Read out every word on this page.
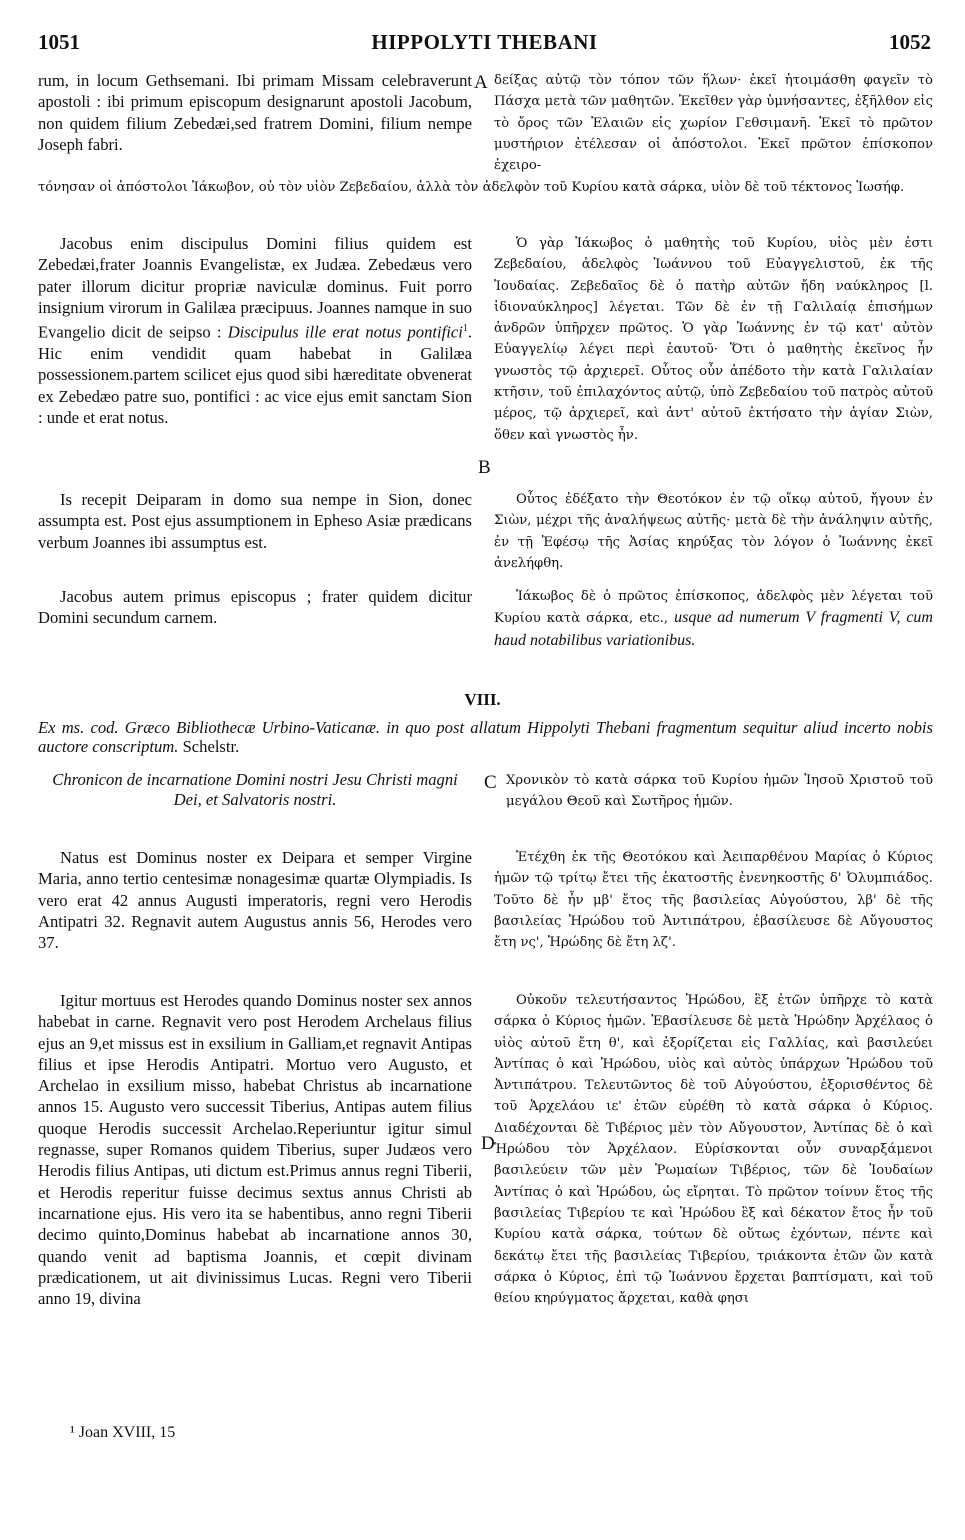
1051	HIPPOLYTI THEBANI	1052

rum, in locum Gethsemani. Ibi primam Missam celebraverunt apostoli : ibi primum episcopum designarunt apostoli Jacobum, non quidem filium Zebedæi,sed fratrem Domini, filium nempe Joseph fabri.

A δείξας αὐτῷ τὸν τόπον τῶν ἥλων· ἐκεῖ ἡτοιμάσθη φαγεῖν τὸ Πάσχα μετὰ τῶν μαθητῶν. Ἐκεῖθεν γὰρ ὑμνήσαντες, ἐξῆλθον εἰς τὸ ὄρος τῶν Ἐλαιῶν εἰς χωρίον Γεθσιμανῆ. Ἐκεῖ τὸ πρῶτον μυστήριον ἐτέλεσαν οἱ ἀπόστολοι. Ἐκεῖ πρῶτον ἐπίσκοπον ἐχειρο-

τόνησαν οἱ ἀπόστολοι Ἰάκωβον, οὐ τὸν υἱὸν Ζεβεδαίου, ἀλλὰ τὸν ἀδελφὸν τοῦ Κυρίου κατὰ σάρκα, υἱὸν δὲ τοῦ τέκτονος Ἰωσήφ.

Jacobus enim discipulus Domini filius quidem est Zebedæi,frater Joannis Evangelistæ, ex Judæa. Zebedæus vero pater illorum dicitur propriæ naviculæ dominus. Fuit porro insignium virorum in Galilæa præcipuus. Joannes namque in suo Evangelio dicit de seipso : Discipulus ille erat notus pontifici$^1$. Hic enim vendidit quam habebat in Galilæa possessionem.partem scilicet ejus quod sibi hæreditate obvenerat ex Zebedæo patre suo, pontifici : ac vice ejus emit sanctam Sion : unde et erat notus.

Ὁ γὰρ Ἰάκωβος ὁ μαθητὴς τοῦ Κυρίου, υἱὸς μὲν ἐστι Ζεβεδαίου, ἀδελφὸς Ἰωάννου τοῦ Εὐαγγελιστοῦ, ἐκ τῆς Ἰουδαίας. Ζεβεδαῖος δὲ ὁ πατὴρ αὐτῶν ἤδη ναύκληρος [l. ἰδιοναύκληρος] λέγεται. Τῶν δὲ ἐν τῇ Γαλιλαίᾳ ἐπισήμων ἀνδρῶν ὑπῆρχεν πρῶτος. Ὁ γὰρ Ἰωάννης ἐν τῷ κατ' αὐτὸν Εὐαγγελίῳ λέγει περὶ ἑαυτοῦ· Ὅτι ὁ μαθητὴς ἐκεῖνος ἦν γνωστὸς τῷ ἀρχιερεῖ. Οὗτος οὖν ἀπέδοτο τὴν κατὰ Γαλιλαίαν κτῆσιν, τοῦ ἐπιλαχόντος αὐτῷ, ὑπὸ Ζεβεδαίου τοῦ πατρὸς αὐτοῦ μέρος, τῷ ἀρχιερεῖ, καὶ ἀντ' αὐτοῦ ἐκτήσατο τὴν ἁγίαν Σιὼν, ὅθεν καὶ γνωστὸς ἦν.

B

Is recepit Deiparam in domo sua nempe in Sion, donec assumpta est. Post ejus assumptionem in Epheso Asiæ prædicans verbum Joannes ibi assumptus est.

Οὗτος ἐδέξατο τὴν Θεοτόκον ἐν τῷ οἴκῳ αὐτοῦ, ἤγουν ἐν Σιὼν, μέχρι τῆς ἀναλήψεως αὐτῆς· μετὰ δὲ τὴν ἀνάληψιν αὐτῆς, ἐν τῇ Ἐφέσῳ τῆς Ἀσίας κηρύξας τὸν λόγον ὁ Ἰωάννης ἐκεῖ ἀνελήφθη.

Jacobus autem primus episcopus ; frater quidem dicitur Domini secundum carnem.

Ἰάκωβος δὲ ὁ πρῶτος ἐπίσκοπος, ἀδελφὸς μὲν λέγεται τοῦ Κυρίου κατὰ σάρκα, etc., usque ad numerum V fragmenti V, cum haud notabilibus variationibus.

VIII.

Ex ms. cod. Græco Bibliothecæ Urbino-Vaticanæ. in quo post allatum Hippolyti Thebani fragmentum sequitur aliud incerto nobis auctore conscriptum. Schelstr.

Chronicon de incarnatione Domini nostri Jesu Christi magni Dei, et Salvatoris nostri.

C Χρονικὸν τὸ κατὰ σάρκα τοῦ Κυρίου ἡμῶν Ἰησοῦ Χριστοῦ τοῦ μεγάλου Θεοῦ καὶ Σωτῆρος ἡμῶν.

Natus est Dominus noster ex Deipara et semper Virgine Maria, anno tertio centesimæ nonagesimæ quartæ Olympiadis. Is vero erat 42 annus Augusti imperatoris, regni vero Herodis Antipatri 32. Regnavit autem Augustus annis 56, Herodes vero 37.

Ἐτέχθη ἐκ τῆς Θεοτόκου καὶ Ἀειπαρθένου Μαρίας ὁ Κύριος ἡμῶν τῷ τρίτῳ ἔτει τῆς ἑκατοστῆς ἐνενηκοστῆς δ' Ὀλυμπιάδος. Τοῦτο δὲ ἦν μβ' ἔτος τῆς βασιλείας Αὐγούστου, λβ' δὲ τῆς βασιλείας Ἡρώδου τοῦ Ἀντιπάτρου, ἐβασίλευσε δὲ Αὔγουστος ἔτη νς', Ἡρώδης δὲ ἔτη λζ'.

Igitur mortuus est Herodes quando Dominus noster sex annos habebat in carne. Regnavit vero post Herodem Archelaus filius ejus an 9,et missus est in exsilium in Galliam,et regnavit Antipas filius et ipse Herodis Antipatri. Mortuo vero Augusto, et Archelao in exsilium misso, habebat Christus ab incarnatione annos 15. Augusto vero successit Tiberius, Antipas autem filius quoque Herodis successit Archelao.Reperiuntur igitur simul regnasse, super Romanos quidem Tiberius, super Judæos vero Herodis filius Antipas, uti dictum est.Primus annus regni Tiberii, et Herodis reperitur fuisse decimus sextus annus Christi ab incarnatione ejus. His vero ita se habentibus, anno regni Tiberii decimo quinto,Dominus habebat ab incarnatione annos 30, quando venit ad baptisma Joannis, et cœpit divinam prædicationem, ut ait divinissimus Lucas. Regni vero Tiberii anno 19, divina

D

Οὐκοῦν τελευτήσαντος Ἡρώδου, ἓξ ἐτῶν ὑπῆρχε τὸ κατὰ σάρκα ὁ Κύριος ἡμῶν. Ἐβασίλευσε δὲ μετὰ Ἡρώδην Ἀρχέλαος ὁ υἱὸς αὐτοῦ ἔτη θ', καὶ ἐξορίζεται εἰς Γαλλίας, καὶ βασιλεύει Ἀντίπας ὁ καὶ Ἡρώδου, υἱὸς καὶ αὐτὸς ὑπάρχων Ἡρώδου τοῦ Ἀντιπάτρου. Τελευτῶντος δὲ τοῦ Αὐγούστου, ἐξορισθέντος δὲ τοῦ Ἀρχελάου ιε' ἐτῶν εὑρέθη τὸ κατὰ σάρκα ὁ Κύριος. Διαδέχονται δὲ Τιβέριος μὲν τὸν Αὔγουστον, Ἀντίπας δὲ ὁ καὶ Ἡρώδου τὸν Ἀρχέλαον. Εὑρίσκονται οὖν συναρξάμενοι βασιλεύειν τῶν μὲν Ῥωμαίων Τιβέριος, τῶν δὲ Ἰουδαίων Ἀντίπας ὁ καὶ Ἡρώδου, ὡς εἴρηται. Τὸ πρῶτον τοίνυν ἔτος τῆς βασιλείας Τιβερίου τε καὶ Ἡρώδου ἓξ καὶ δέκατον ἔτος ἦν τοῦ Κυρίου κατὰ σάρκα, τούτων δὲ οὕτως ἐχόντων, πέντε καὶ δεκάτῳ ἔτει τῆς βασιλείας Τιβερίου, τριάκοντα ἐτῶν ὢν κατὰ σάρκα ὁ Κύριος, ἐπὶ τῷ Ἰωάννου ἔρχεται βαπτίσματι, καὶ τοῦ θείου κηρύγματος ἄρχεται, καθὰ φησι

¹ Joan XVIII, 15
